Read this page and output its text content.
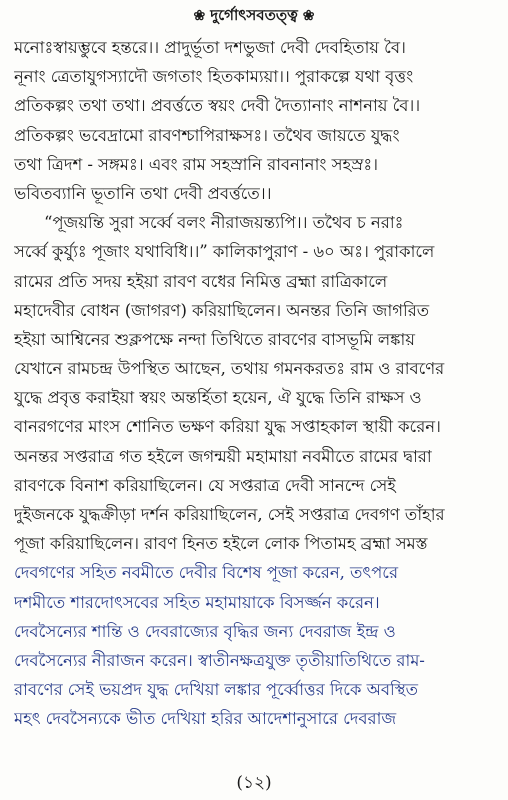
❀ দুর্গোৎসবতত্ত্ব ❀
মনোঃস্বায়ম্ভুবে হন্তরে।। প্রাদুর্ভূতা দশভুজা দেবী দেবহিতায় বৈ।
নূনাং ত্রেতাযুগস্যাদৌ জগতাং হিতকাম্যয়া।। পুরাকল্পে যথা বৃত্তং
প্রতিকল্পং তথা তথা। প্রবর্ত্ততে স্বয়ং দেবী দৈত্যানাং নাশনায় বৈ।।
প্রতিকল্পং ভবেদ্রামো রাবণশ্চাপিরাক্ষসঃ। তথৈব জায়তে যুদ্ধং
তথা ত্রিদশ - সঙ্গমঃ। এবং রাম সহস্রানি রাবনানাং সহস্রঃ।
ভবিতব্যানি ভূতানি তথা দেবী প্রবর্ত্ততে।।
“পূজয়ন্তি সুরা সর্ব্বে বলং নীরাজয়ন্ত্যপি।। তথৈব চ নরাঃ
সর্ব্বে কুর্য্যুঃ পূজাং যথাবিধি।।” কালিকাপুরাণ - ৬০ অঃ। পুরাকালে
রামের প্রতি সদয় হইয়া রাবণ বধের নিমিত্ত ব্রহ্মা রাত্রিকালে
মহাদেবীর বোধন (জাগরণ) করিয়াছিলেন। অনন্তর তিনি জাগরিত
হইয়া আশ্বিনের শুক্লপক্ষে নন্দা তিথিতে রাবণের বাসভূমি লঙ্কায়
যেখানে রামচন্দ্র উপস্থিত আছেন, তথায় গমনকরতঃ রাম ও রাবণের
যুদ্ধে প্রবৃত্ত করাইয়া স্বয়ং অন্তর্হিতা হয়েন, ঐ যুদ্ধে তিনি রাক্ষস ও
বানরগণের মাংস শোনিত ভক্ষণ করিয়া যুদ্ধ সপ্তাহকাল স্থায়ী করেন।
অনন্তর সপ্তরাত্র গত হইলে জগন্ময়ী মহামায়া নবমীতে রামের দ্বারা
রাবণকে বিনাশ করিয়াছিলেন। যে সপ্তরাত্র দেবী সানন্দে সেই
দুইজনকে যুদ্ধক্রীড়া দর্শন করিয়াছিলেন, সেই সপ্তরাত্র দেবগণ তাঁহার
পূজা করিয়াছিলেন। রাবণ হিনত হইলে লোক পিতামহ ব্রহ্মা সমস্ত
দেবগণের সহিত নবমীতে দেবীর বিশেষ পূজা করেন, তৎপরে
দশমীতে শারদোৎসবের সহিত মহামায়াকে বিসর্জ্জন করেন।
দেবসৈন্যের শান্তি ও দেবরাজ্যের বৃদ্ধির জন্য দেবরাজ ইন্দ্র ও
দেবসৈন্যের নীরাজন করেন। স্বাতীনক্ষত্রযুক্ত তৃতীয়াতিথিতে রাম-
রাবণের সেই ভয়প্রদ যুদ্ধ দেখিয়া লঙ্কার পূর্ব্বোত্তর দিকে অবস্থিত
মহৎ দেবসৈন্যকে ভীত দেখিয়া হরির আদেশানুসারে দেবরাজ
(১২)
